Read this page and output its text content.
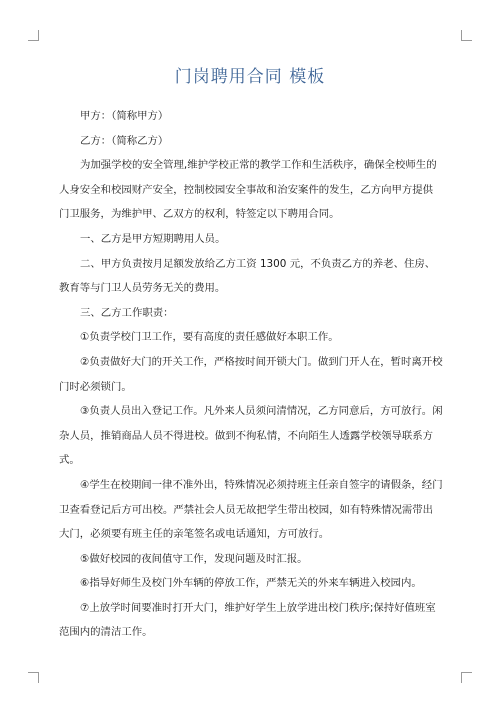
门岗聘用合同 模板

甲方：（简称甲方）

乙方：（简称乙方）

为加强学校的安全管理,维护学校正常的教学工作和生活秩序，确保全校师生的人身安全和校园财产安全，控制校园安全事故和治安案件的发生，乙方向甲方提供门卫服务，为维护甲、乙双方的权利，特签定以下聘用合同。

一、乙方是甲方短期聘用人员。

二、甲方负责按月足额发放给乙方工资 1300 元，不负责乙方的养老、住房、教育等与门卫人员劳务无关的费用。

三、乙方工作职责：

①负责学校门卫工作，要有高度的责任感做好本职工作。

②负责做好大门的开关工作，严格按时间开锁大门。做到门开人在，暂时离开校门时必须锁门。

③负责人员出入登记工作。凡外来人员须问清情况，乙方同意后，方可放行。闲杂人员，推销商品人员不得进校。做到不徇私情，不向陌生人透露学校领导联系方式。

④学生在校期间一律不准外出，特殊情况必须持班主任亲自签字的请假条，经门卫查看登记后方可出校。严禁社会人员无故把学生带出校园，如有特殊情况需带出大门，必须要有班主任的亲笔签名或电话通知，方可放行。

⑤做好校园的夜间值守工作，发现问题及时汇报。

⑥指导好师生及校门外车辆的停放工作，严禁无关的外来车辆进入校园内。

⑦上放学时间要准时打开大门，维护好学生上放学进出校门秩序;保持好值班室范围内的清洁工作。
